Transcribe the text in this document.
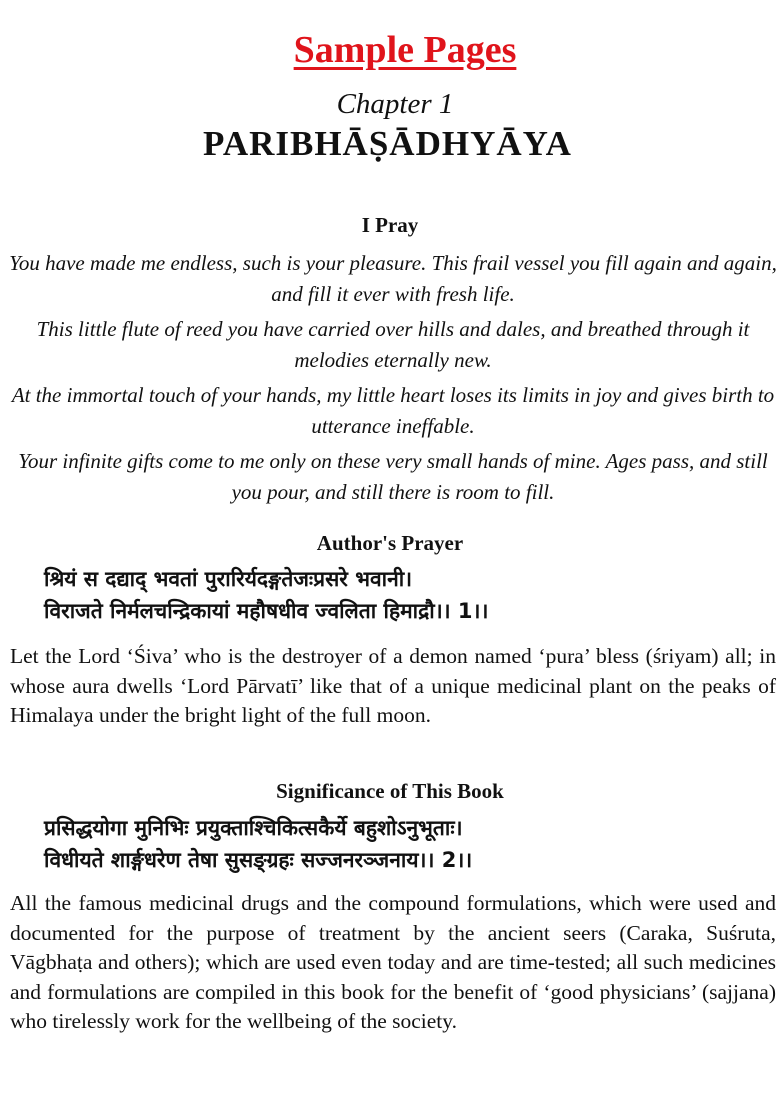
Sample Pages
Chapter 1
PARIBHĀṢĀDHYĀYA
I Pray

You have made me endless, such is your pleasure. This frail vessel you fill again and again, and fill it ever with fresh life.

This little flute of reed you have carried over hills and dales, and breathed through it melodies eternally new.

At the immortal touch of your hands, my little heart loses its limits in joy and gives birth to utterance ineffable.

Your infinite gifts come to me only on these very small hands of mine. Ages pass, and still you pour, and still there is room to fill.

Author's Prayer
श्रियं स दद्याद् भवतां पुरारिर्यदङ्गतेजःप्रसरे भवानी।
विराजते निर्मलचन्द्रिकायां महौषधीव ज्वलिता हिमाद्रौ।। 1।।
Let the Lord ‘Śiva’ who is the destroyer of a demon named ‘pura’ bless (śriyam) all; in whose aura dwells ‘Lord Pārvatī’ like that of a unique medicinal plant on the peaks of Himalaya under the bright light of the full moon.
Significance of This Book
प्रसिद्धयोगा मुनिभिः प्रयुक्ताश्चिकित्सकैर्ये बहुशोऽनुभूताः।
विधीयते शार्ङ्गधरेण तेषा सुसङ्ग्रहः सज्जनरञ्जनाय।। 2।।
All the famous medicinal drugs and the compound formulations, which were used and documented for the purpose of treatment by the ancient seers (Caraka, Suśruta, Vāgbhaṭa and others); which are used even today and are time-tested; all such medicines and formulations are compiled in this book for the benefit of ‘good physicians’ (sajjana) who tirelessly work for the wellbeing of the society.
